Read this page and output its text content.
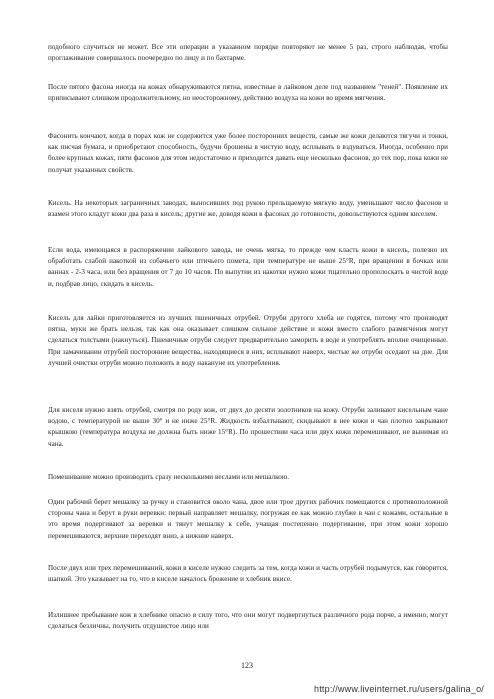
подобного случиться не может. Все эти операции в указанном порядке повторяют не менее 5 раз, строго наблюдая, чтобы проглаживание совершалось поочередно по лицу и по бахтарме.
После пятого фасона иногда на кожах обнаруживаются пятна, известные в лайковом деле под названием "теней". Появление их приписывают слишком продолжительному, но неосторожному, действию воздуха на кожи во время мягчения.
Фасонить кончают, когда в порах кож не содержится уже более посторонних веществ, самые же кожи делаются тягучи и тонки, как писчая бумага, и приобретают способность, будучи брошены в чистую воду, всплывать в вздуваться. Иногда, особенно при более крупных кожах, пяти фасонов для этом недостаточно и приходится давать еще несколько фасонов, до тех пор, пока кожи не получат указанных свойств.
Кисель. На некоторых заграничных заводах, выносивших под рукою прельщаемую мягкую воду, уменьшают число фасонов и взамен этого кладут кожи два раза в кисель; другие же, доводя кожи в фасонах до готовности, довольствуются одним киселем.
Если вода, имеющаяся в распоряжении лайкового завода, не очень мягка, то прежде чем класть кожи в кисель, полезно их обработать слабой накоткой из собачьего или птичьего помета, при температуре не выше 25°R, при вращении в бочках или ваннах - 2-3 часа, или без вращения от 7 до 10 часов. По выпутии из накотки нужно кожи тщательно прополоскать в чистой воде и, подбрав лицо, скидать в кисель.
Кисель для лайки приготовляется из лучших пшеничных отрубей. Отруби другого хлеба не годятся, потому что производят пятна, муки же брать нельзя, так как она оказывает слишком сильное действие и кожи вместо слабого размягчения могут сделаться толстыми (накнуться). Пшеничные отруби следует предварительно заморить в воде и употреблять вполне очищенные. При замачивании отрубей посторонние вещества, находящиеся в них, всплывают наверх, чистые же отруби оседают на дне. Для лучшей очистки отруби можно положить в воду накануне их употребления.
Для киселя нужно взять отрубей, смотря по роду кож, от двух до десяти золотников на кожу. Отруби заливают кисельным чане водою, с температурой не выше 30° и не ниже 25°R. Жидкость взбалтывают, скидывают в нее кожи и чан плотно закрывают крышкою (температура воздуха не должна быть ниже 15°R). По прошествии часа или двух кожи перемешивают, не вынимая из чана.
Помешивание можно производить сразу несколькими веслами или мешалкою.
Один рабочий берет мешалку за ручку и становится около чана, двое или трое других рабочих помещаются с противоположной стороны чана и берут в руки веревки: первый направляет мешалку, погружая ее как можно глубже в чан с кожами, остальные в это время подергивают за веревки и тянут мешалку к себе, учащая постепенно подергивание, при этом кожи хорошо перемешиваются, верхние переходят вниз, а нижние наверх.
После двух или трех перемешиваний, кожи в киселе нужно следить за тем, когда кожи и часть отрубей подымутся, как говорится, шапкой. Это указывает на то, что в киселе началось брожение и хлебник вкисе.
Излишнее пребывание кож в хлебнике опасно в силу того, что они могут подвергнуться различного рода порче, а именно, могут сделаться безличны, получить отдушистое лицо или
123
http://www.liveinternet.ru/users/galina_o/
